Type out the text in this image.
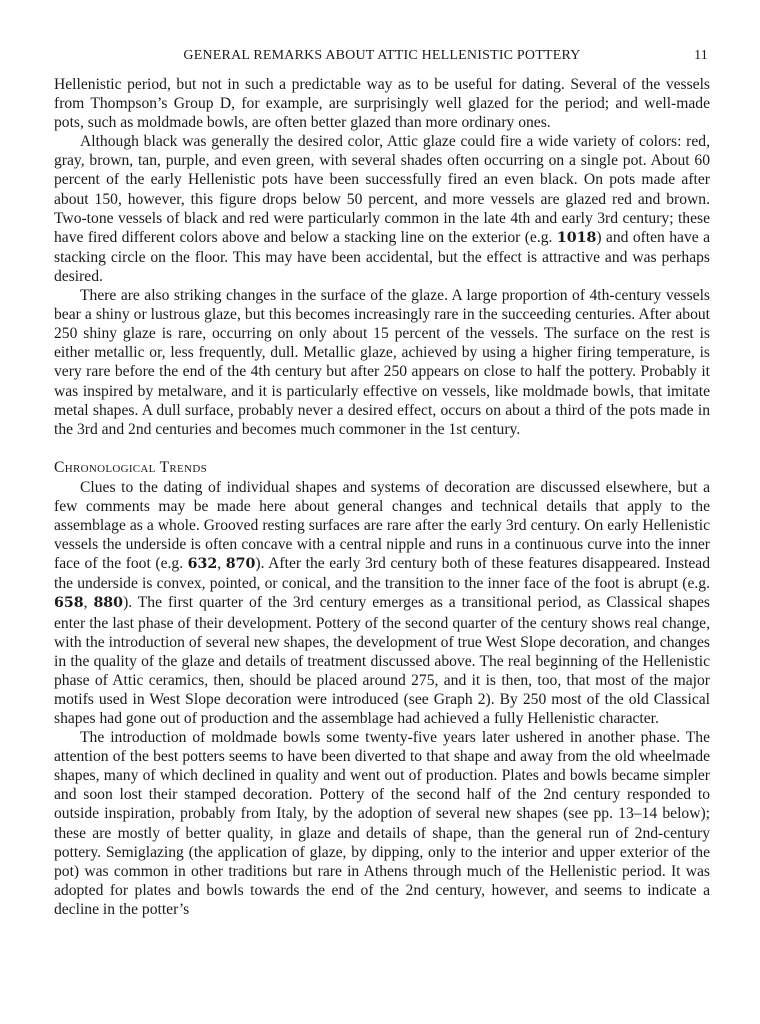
GENERAL REMARKS ABOUT ATTIC HELLENISTIC POTTERY	11

Hellenistic period, but not in such a predictable way as to be useful for dating. Several of the vessels from Thompson’s Group D, for example, are surprisingly well glazed for the period; and well-made pots, such as moldmade bowls, are often better glazed than more ordinary ones.

Although black was generally the desired color, Attic glaze could fire a wide variety of colors: red, gray, brown, tan, purple, and even green, with several shades often occurring on a single pot. About 60 percent of the early Hellenistic pots have been successfully fired an even black. On pots made after about 150, however, this figure drops below 50 percent, and more vessels are glazed red and brown. Two-tone vessels of black and red were particularly common in the late 4th and early 3rd century; these have fired different colors above and below a stacking line on the exterior (e.g. 1018) and often have a stacking circle on the floor. This may have been accidental, but the effect is attractive and was perhaps desired.

There are also striking changes in the surface of the glaze. A large proportion of 4th-century vessels bear a shiny or lustrous glaze, but this becomes increasingly rare in the succeeding centuries. After about 250 shiny glaze is rare, occurring on only about 15 percent of the vessels. The surface on the rest is either metallic or, less frequently, dull. Metallic glaze, achieved by using a higher firing temperature, is very rare before the end of the 4th century but after 250 appears on close to half the pottery. Probably it was inspired by metalware, and it is particularly effective on vessels, like moldmade bowls, that imitate metal shapes. A dull surface, probably never a desired effect, occurs on about a third of the pots made in the 3rd and 2nd centuries and becomes much commoner in the 1st century.

Chronological Trends

Clues to the dating of individual shapes and systems of decoration are discussed elsewhere, but a few comments may be made here about general changes and technical details that apply to the assemblage as a whole. Grooved resting surfaces are rare after the early 3rd century. On early Hellenistic vessels the underside is often concave with a central nipple and runs in a continuous curve into the inner face of the foot (e.g. 632, 870). After the early 3rd century both of these features disappeared. Instead the underside is convex, pointed, or conical, and the transition to the inner face of the foot is abrupt (e.g. 658, 880). The first quarter of the 3rd century emerges as a transitional period, as Classical shapes enter the last phase of their development. Pottery of the second quarter of the century shows real change, with the introduction of several new shapes, the development of true West Slope decoration, and changes in the quality of the glaze and details of treatment discussed above. The real beginning of the Hellenistic phase of Attic ceramics, then, should be placed around 275, and it is then, too, that most of the major motifs used in West Slope decoration were introduced (see Graph 2). By 250 most of the old Classical shapes had gone out of production and the assemblage had achieved a fully Hellenistic character.

The introduction of moldmade bowls some twenty-five years later ushered in another phase. The attention of the best potters seems to have been diverted to that shape and away from the old wheelmade shapes, many of which declined in quality and went out of production. Plates and bowls became simpler and soon lost their stamped decoration. Pottery of the second half of the 2nd century responded to outside inspiration, probably from Italy, by the adoption of several new shapes (see pp. 13–14 below); these are mostly of better quality, in glaze and details of shape, than the general run of 2nd-century pottery. Semiglazing (the application of glaze, by dipping, only to the interior and upper exterior of the pot) was common in other traditions but rare in Athens through much of the Hellenistic period. It was adopted for plates and bowls towards the end of the 2nd century, however, and seems to indicate a decline in the potter’s
